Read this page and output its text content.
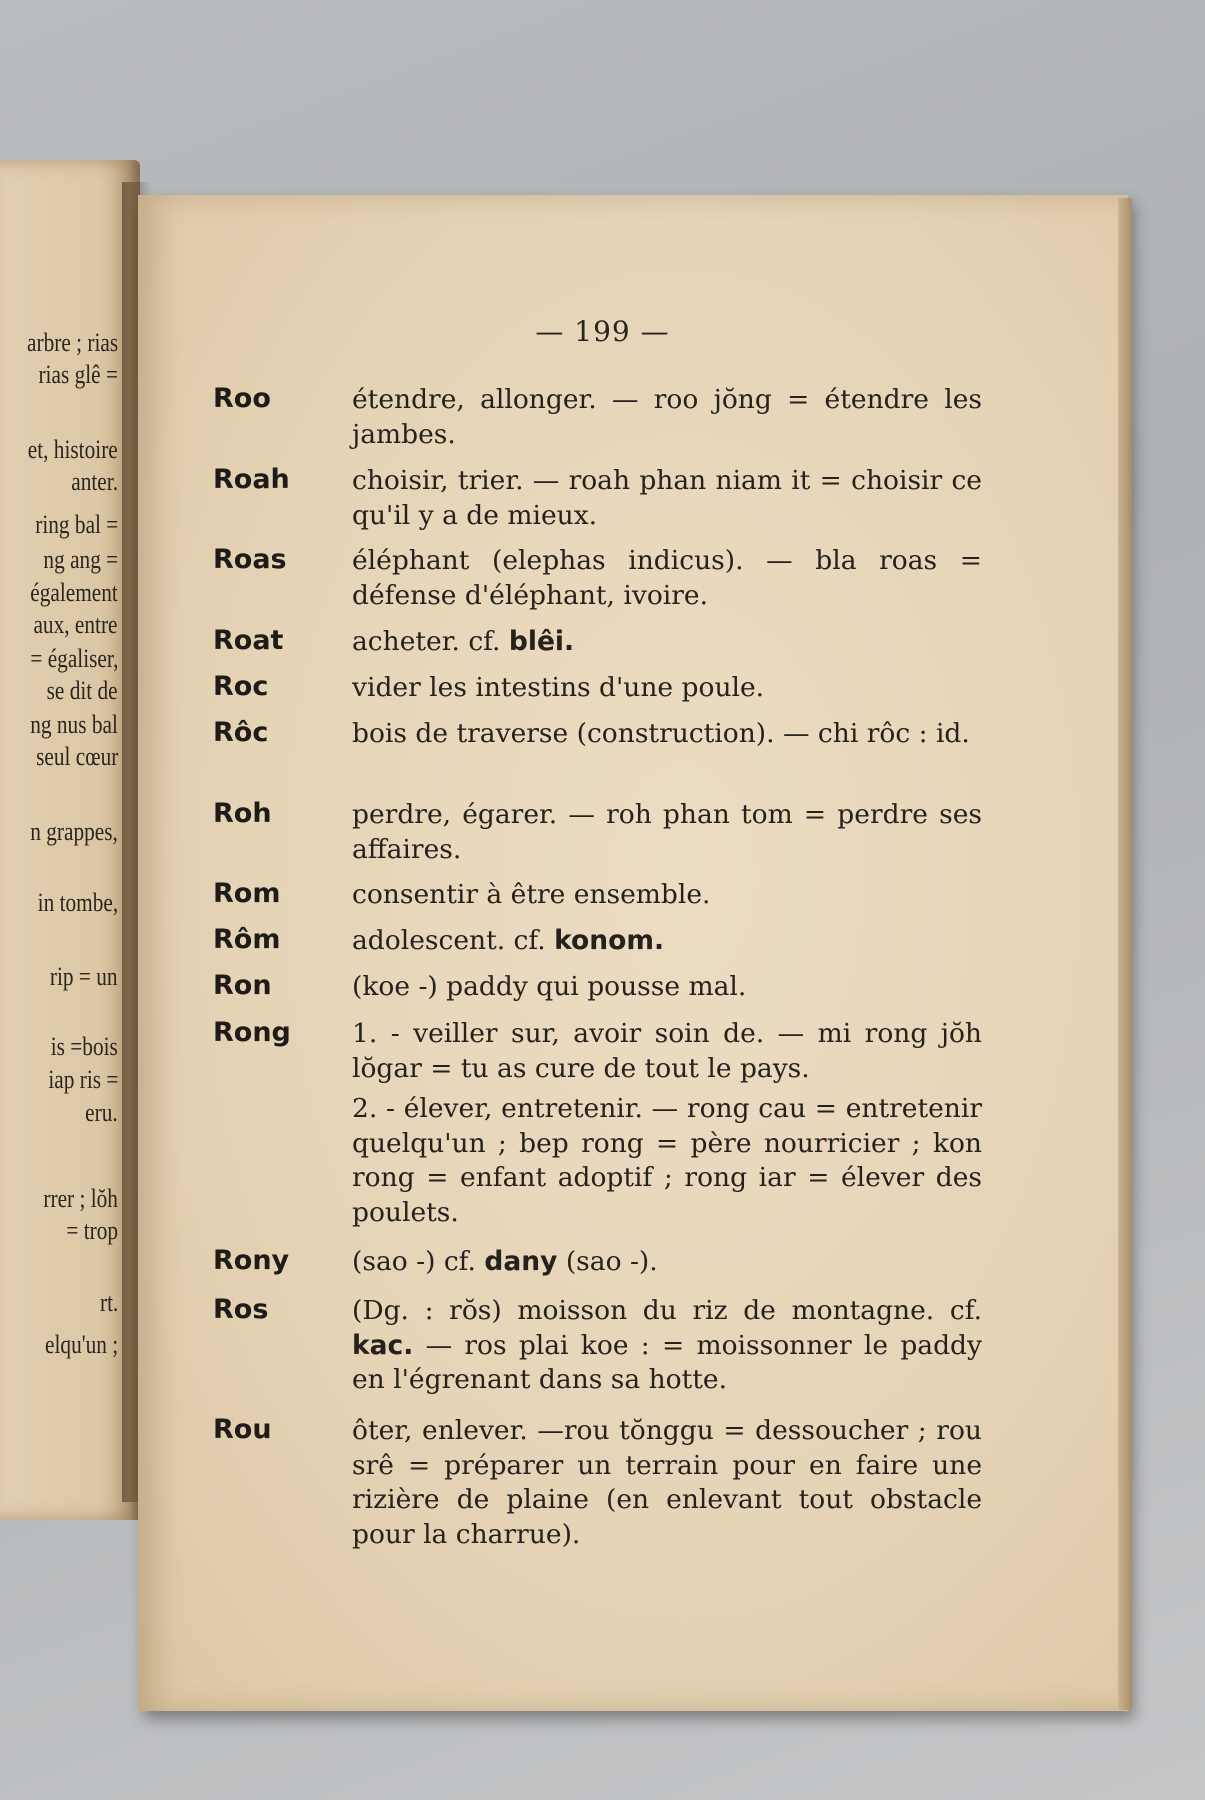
arbre ; rias
rias glê =
et, histoire
anter.
ring bal =
ng ang =
également
aux, entre
= égaliser,
se dit de
ng nus bal
seul cœur
n grappes,
in tombe,
rip = un
is =bois
iap ris =
eru.
rrer ; lŏh
= trop
rt.
elqu'un ;
— 199 —
Roo	étendre, allonger. — roo jŏng = étendre les jambes.

Roah choisir, trier. — roah phan niam it = choisir ce qu'il y a de mieux.

Roas éléphant (elephas indicus). — bla roas = défense d'éléphant, ivoire.

Roat	acheter. cf. blêi.

Roc	vider les intestins d'une poule.

Rôc	bois de traverse (construction). — chi rôc : id.

Roh	perdre, égarer. — roh phan tom = perdre ses affaires.

Rom	consentir à être ensemble.

Rôm	adolescent. cf. konom.

Ron	(koe -) paddy qui pousse mal.

Rong 1. - veiller sur, avoir soin de. — mi rong jŏh lŏgar = tu as cure de tout le pays.

2. - élever, entretenir. — rong cau = entretenir quelqu'un ; bep rong = père nourricier ; kon rong = enfant adoptif ; rong iar = élever des poulets.

Rony (sao -) cf. dany (sao -).

Ros	(Dg. : rŏs) moisson du riz de montagne. cf. kac. — ros plai koe : = moissonner le paddy en l'égrenant dans sa hotte.

Rou	ôter, enlever. —rou tŏnggu = dessoucher ; rou srê = préparer un terrain pour en faire une rizière de plaine (en enlevant tout obstacle pour la charrue).
